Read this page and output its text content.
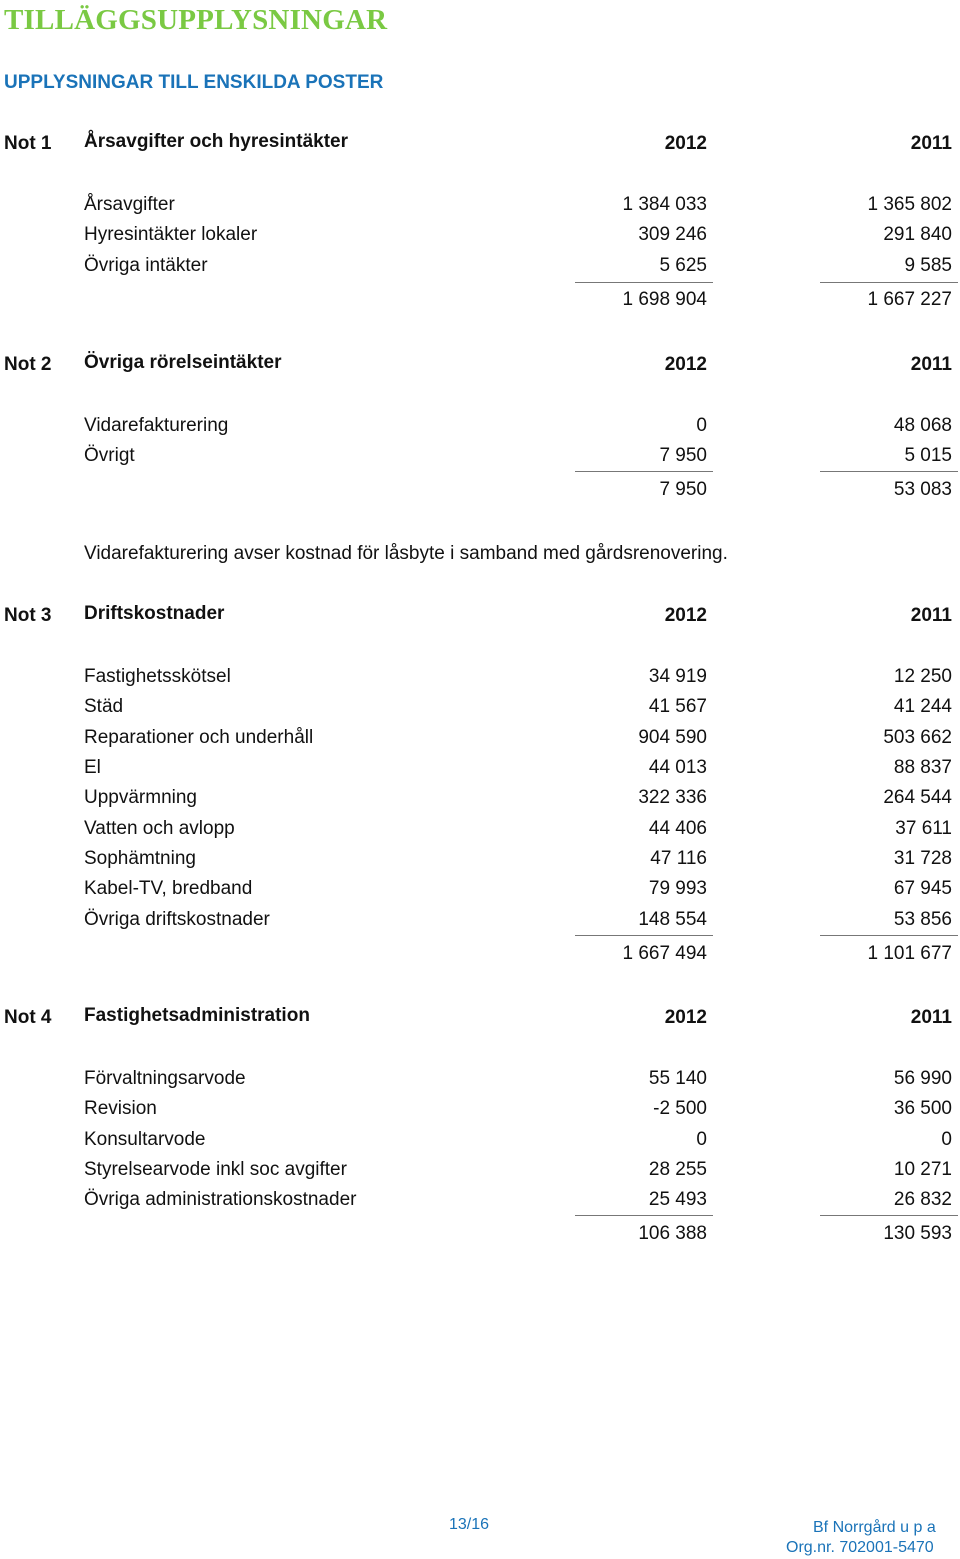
TILLÄGGSUPPLYSNINGAR
UPPLYSNINGAR TILL ENSKILDA POSTER
Not 1 Årsavgifter och hyresintäkter	2012	2011
Årsavgifter	1 384 033	1 365 802
Hyresintäkter lokaler	309 246	291 840
Övriga intäkter	5 625	9 585
1 698 904	1 667 227
Not 2 Övriga rörelseintäkter	2012	2011
Vidarefakturering	0	48 068
Övrigt	7 950	5 015
7 950	53 083
Vidarefakturering avser kostnad för låsbyte i samband med gårdsrenovering.
Not 3 Driftskostnader	2012	2011
Fastighetsskötsel	34 919	12 250
Städ	41 567	41 244
Reparationer och underhåll	904 590	503 662
El	44 013	88 837
Uppvärmning	322 336	264 544
Vatten och avlopp	44 406	37 611
Sophämtning	47 116	31 728
Kabel-TV, bredband	79 993	67 945
Övriga driftskostnader	148 554	53 856
1 667 494	1 101 677
Not 4 Fastighetsadministration	2012	2011
Förvaltningsarvode	55 140	56 990
Revision	-2 500	36 500
Konsultarvode	0	0
Styrelsearvode inkl soc avgifter	28 255	10 271
Övriga administrationskostnader	25 493	26 832
106 388	130 593
13/16	Bf Norrgård u p a
Org.nr. 702001-5470
